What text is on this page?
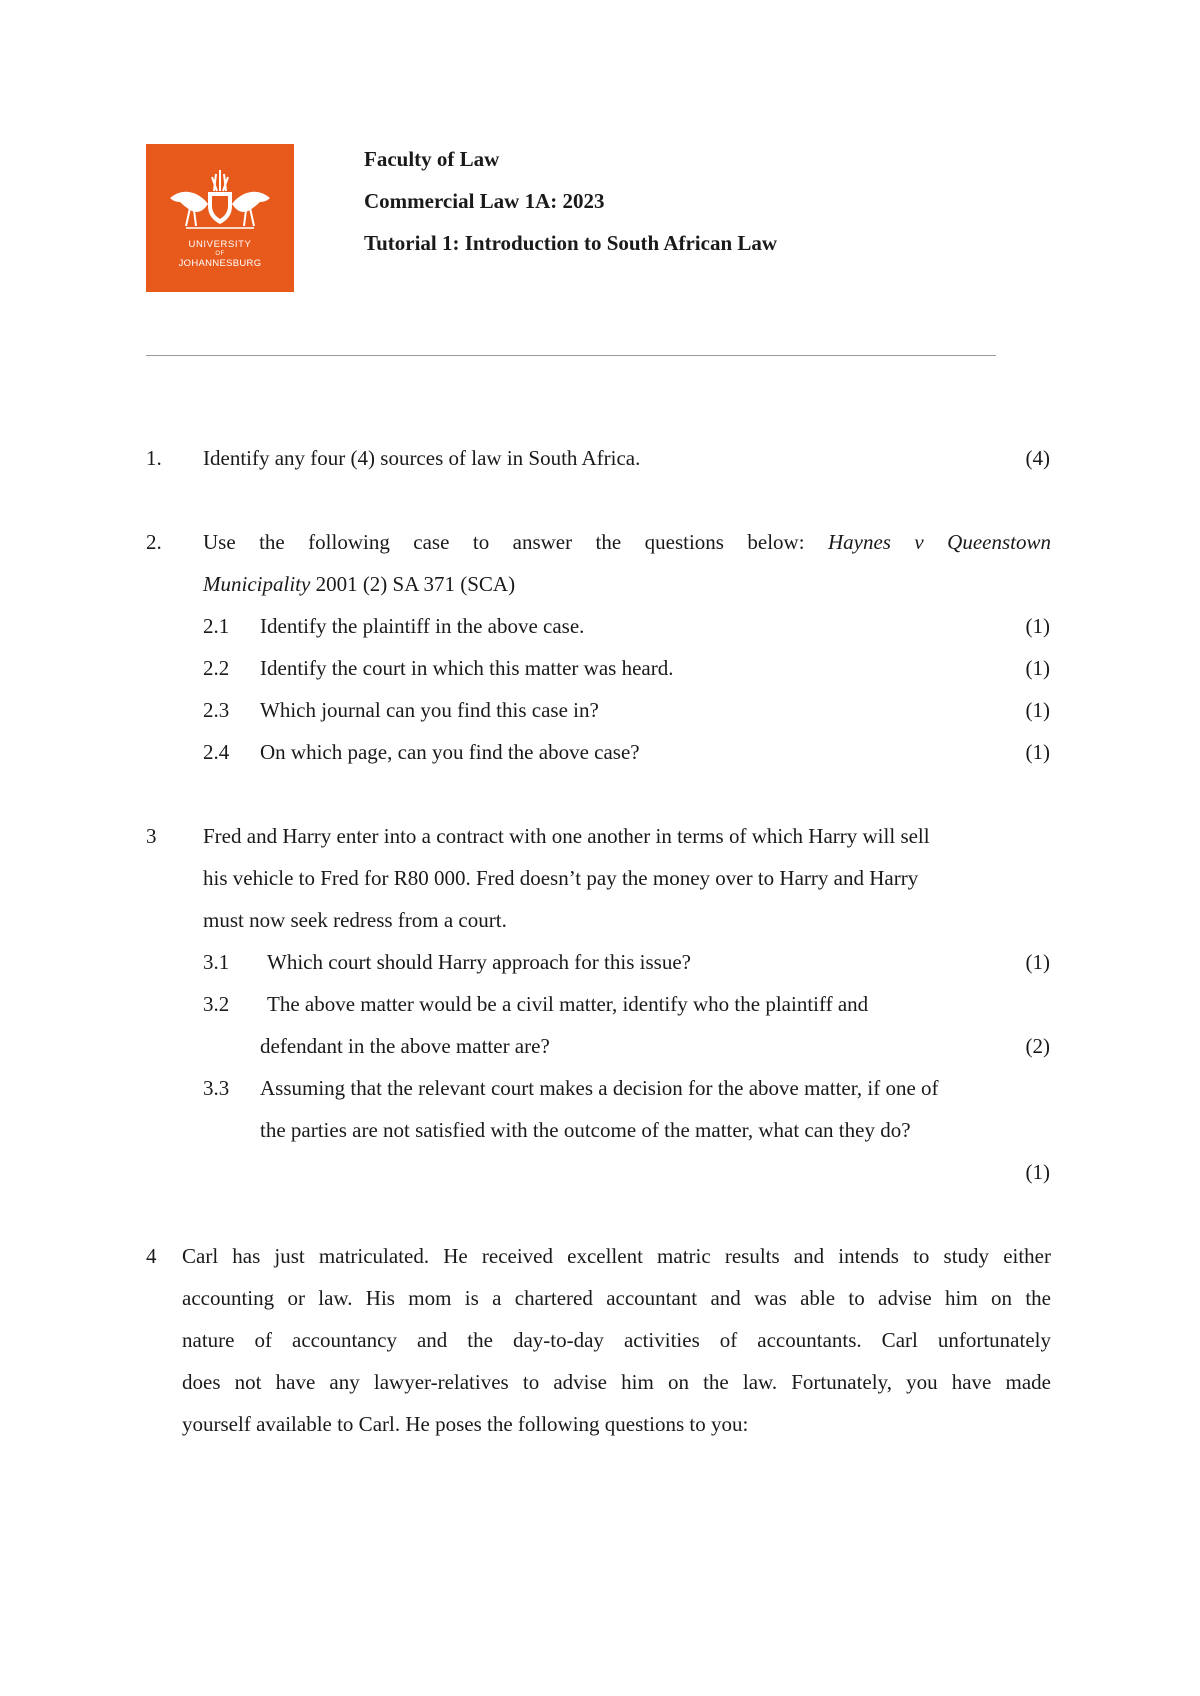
UNIVERSITY
OF
JOHANNESBURG
Faculty of Law
Commercial Law 1A: 2023
Tutorial 1: Introduction to South African Law
1. Identify any four (4) sources of law in South Africa.	(4)
2. Use the following case to answer the questions below: Haynes v Queenstown
Municipality 2001 (2) SA 371 (SCA)
2.1 Identify the plaintiff in the above case.	(1)
2.2 Identify the court in which this matter was heard.	(1)
2.3 Which journal can you find this case in?	(1)
2.4 On which page, can you find the above case?	(1)
3 Fred and Harry enter into a contract with one another in terms of which Harry will sell
his vehicle to Fred for R80 000. Fred doesn’t pay the money over to Harry and Harry
must now seek redress from a court.
3.1 Which court should Harry approach for this issue?	(1)
3.2 The above matter would be a civil matter, identify who the plaintiff and
defendant in the above matter are?	(2)
3.3 Assuming that the relevant court makes a decision for the above matter, if one of
the parties are not satisfied with the outcome of the matter, what can they do?
(1)
4 Carl has just matriculated. He received excellent matric results and intends to study either
accounting or law. His mom is a chartered accountant and was able to advise him on the
nature of accountancy and the day-to-day activities of accountants. Carl unfortunately
does not have any lawyer-relatives to advise him on the law. Fortunately, you have made
yourself available to Carl. He poses the following questions to you:
